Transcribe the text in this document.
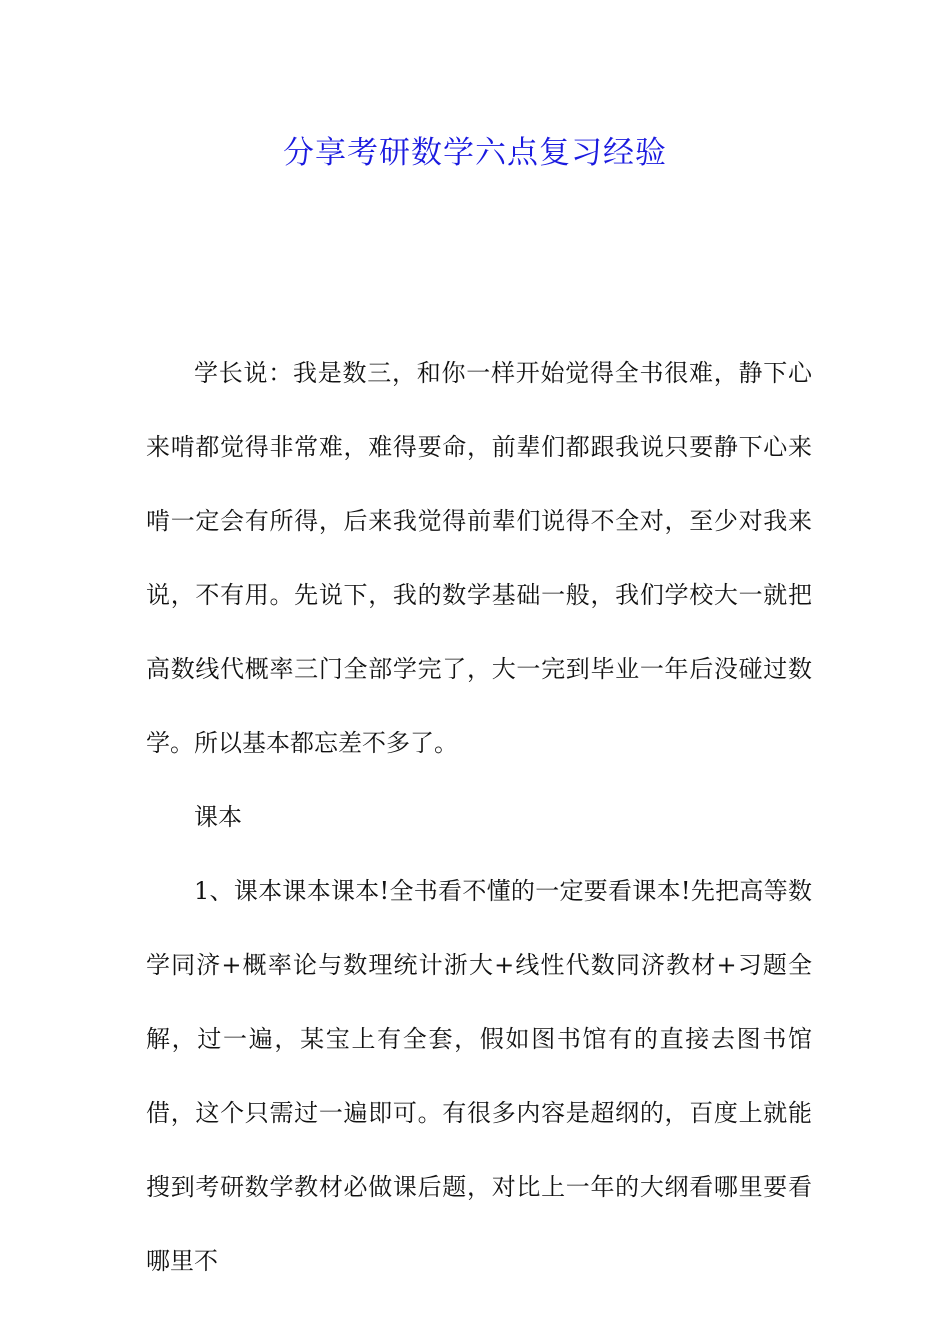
分享考研数学六点复习经验

学长说：我是数三，和你一样开始觉得全书很难，静下心来啃都觉得非常难，难得要命，前辈们都跟我说只要静下心来啃一定会有所得，后来我觉得前辈们说得不全对，至少对我来说，不有用。先说下，我的数学基础一般，我们学校大一就把高数线代概率三门全部学完了，大一完到毕业一年后没碰过数学。所以基本都忘差不多了。

课本

1、课本课本课本!全书看不懂的一定要看课本!先把高等数学同济+概率论与数理统计浙大+线性代数同济教材+习题全解，过一遍，某宝上有全套，假如图书馆有的直接去图书馆借，这个只需过一遍即可。有很多内容是超纲的，百度上就能搜到考研数学教材必做课后题，对比上一年的大纲看哪里要看哪里不
